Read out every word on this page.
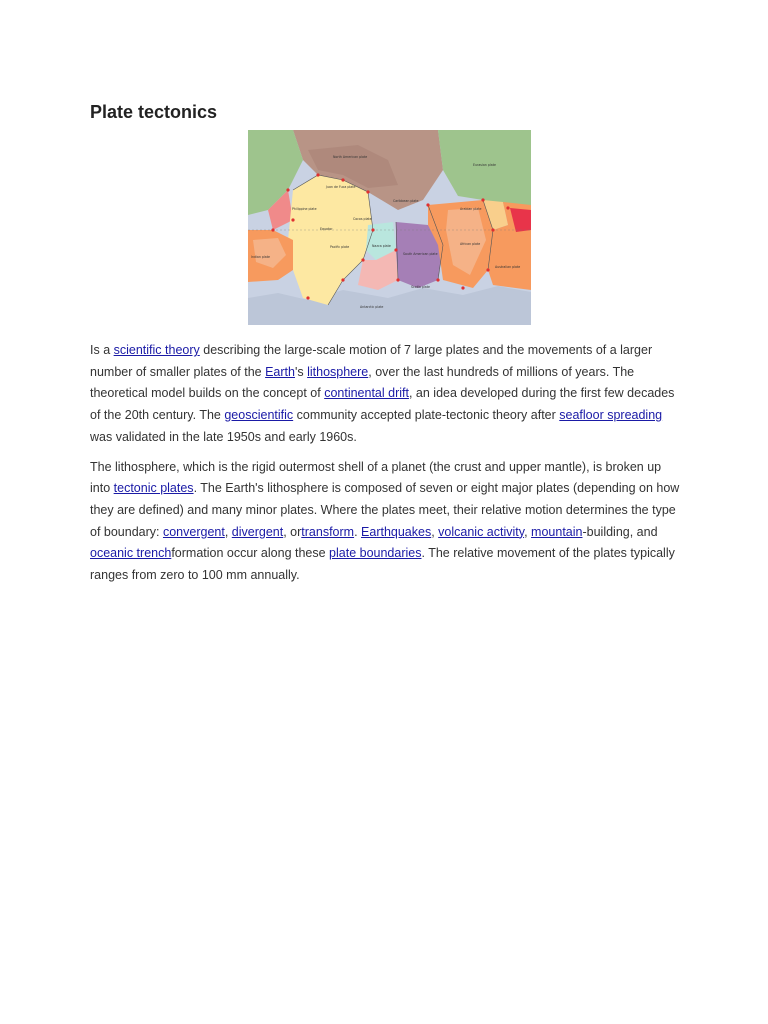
Plate tectonics
Eurasian plate
North American plate
Juan de Fuca plate
Philippine plate
Caribbean plate
Cocos plate
Arabian plate
Equator
Pacific plate	Nazca plate
South American plate
African plate
Australian plate
Scotia plate
Antarctic plate
Indian plate

Is a scientific theory describing the large-scale motion of 7 large plates and the movements of a larger number of smaller plates of the Earth's lithosphere, over the last hundreds of millions of years. The theoretical model builds on the concept of continental drift, an idea developed during the first few decades of the 20th century. The geoscientific community accepted plate-tectonic theory after seafloor spreading was validated in the late 1950s and early 1960s.

The lithosphere, which is the rigid outermost shell of a planet (the crust and upper mantle), is broken up into tectonic plates. The Earth's lithosphere is composed of seven or eight major plates (depending on how they are defined) and many minor plates. Where the plates meet, their relative motion determines the type of boundary: convergent, divergent, ortransform. Earthquakes, volcanic activity, mountain-building, and oceanic trenchformation occur along these plate boundaries. The relative movement of the plates typically ranges from zero to 100 mm annually.
